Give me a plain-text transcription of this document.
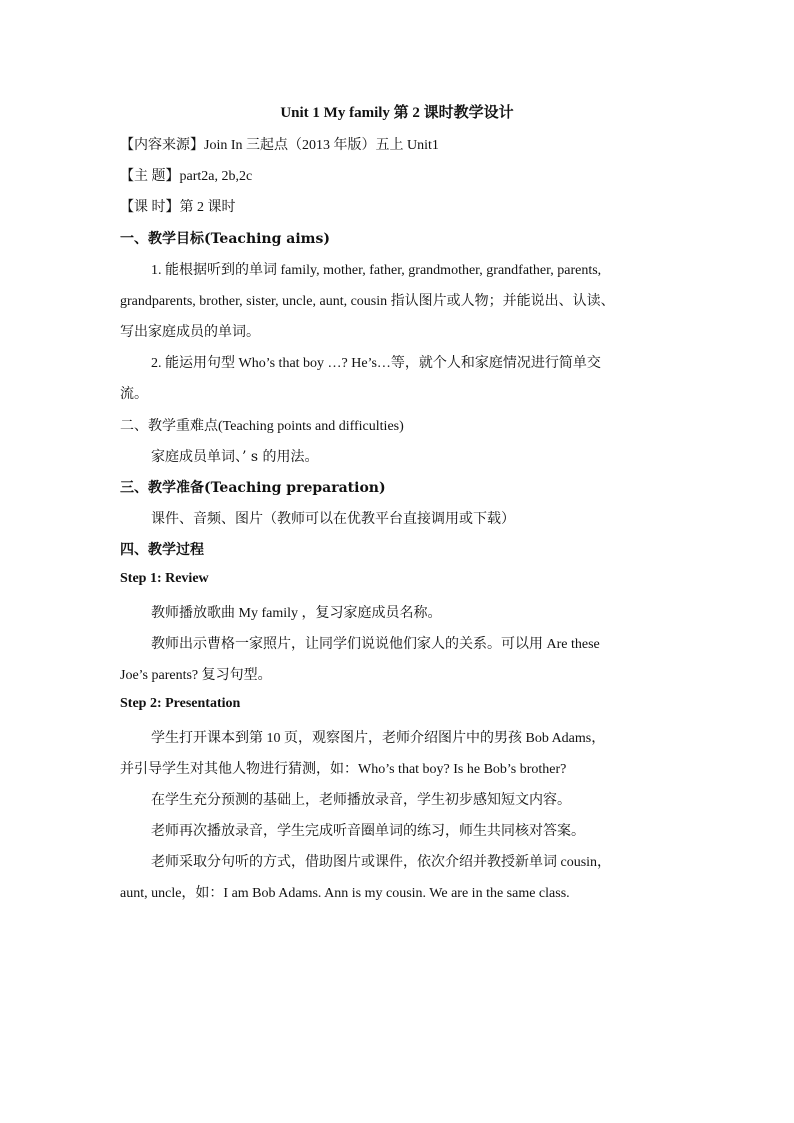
Unit 1 My family 第 2 课时教学设计
【内容来源】Join In 三起点（2013 年版）五上 Unit1
【主 题】part2a, 2b,2c
【课 时】第 2 课时
一、教学目标(Teaching aims)
1. 能根据听到的单词 family, mother, father, grandmother, grandfather, parents,
grandparents, brother, sister, uncle, aunt, cousin 指认图片或人物；并能说出、认读、
写出家庭成员的单词。
2. 能运用句型 Who’s that boy …? He’s…等，就个人和家庭情况进行简单交
流。
二、教学重难点(Teaching points and difficulties)
家庭成员单词、’ s 的用法。
三、教学准备(Teaching preparation)
课件、音频、图片（教师可以在优教平台直接调用或下载）
四、教学过程
Step 1: Review
教师播放歌曲 My family ，复习家庭成员名称。
教师出示曹格一家照片，让同学们说说他们家人的关系。可以用 Are these
Joe’s parents? 复习句型。
Step 2: Presentation
学生打开课本到第 10 页，观察图片，老师介绍图片中的男孩 Bob Adams，
并引导学生对其他人物进行猜测，如：Who’s that boy? Is he Bob’s brother?
在学生充分预测的基础上，老师播放录音，学生初步感知短文内容。
老师再次播放录音，学生完成听音圈单词的练习，师生共同核对答案。
老师采取分句听的方式，借助图片或课件，依次介绍并教授新单词 cousin，
aunt, uncle，如：I am Bob Adams. Ann is my cousin. We are in the same class.
